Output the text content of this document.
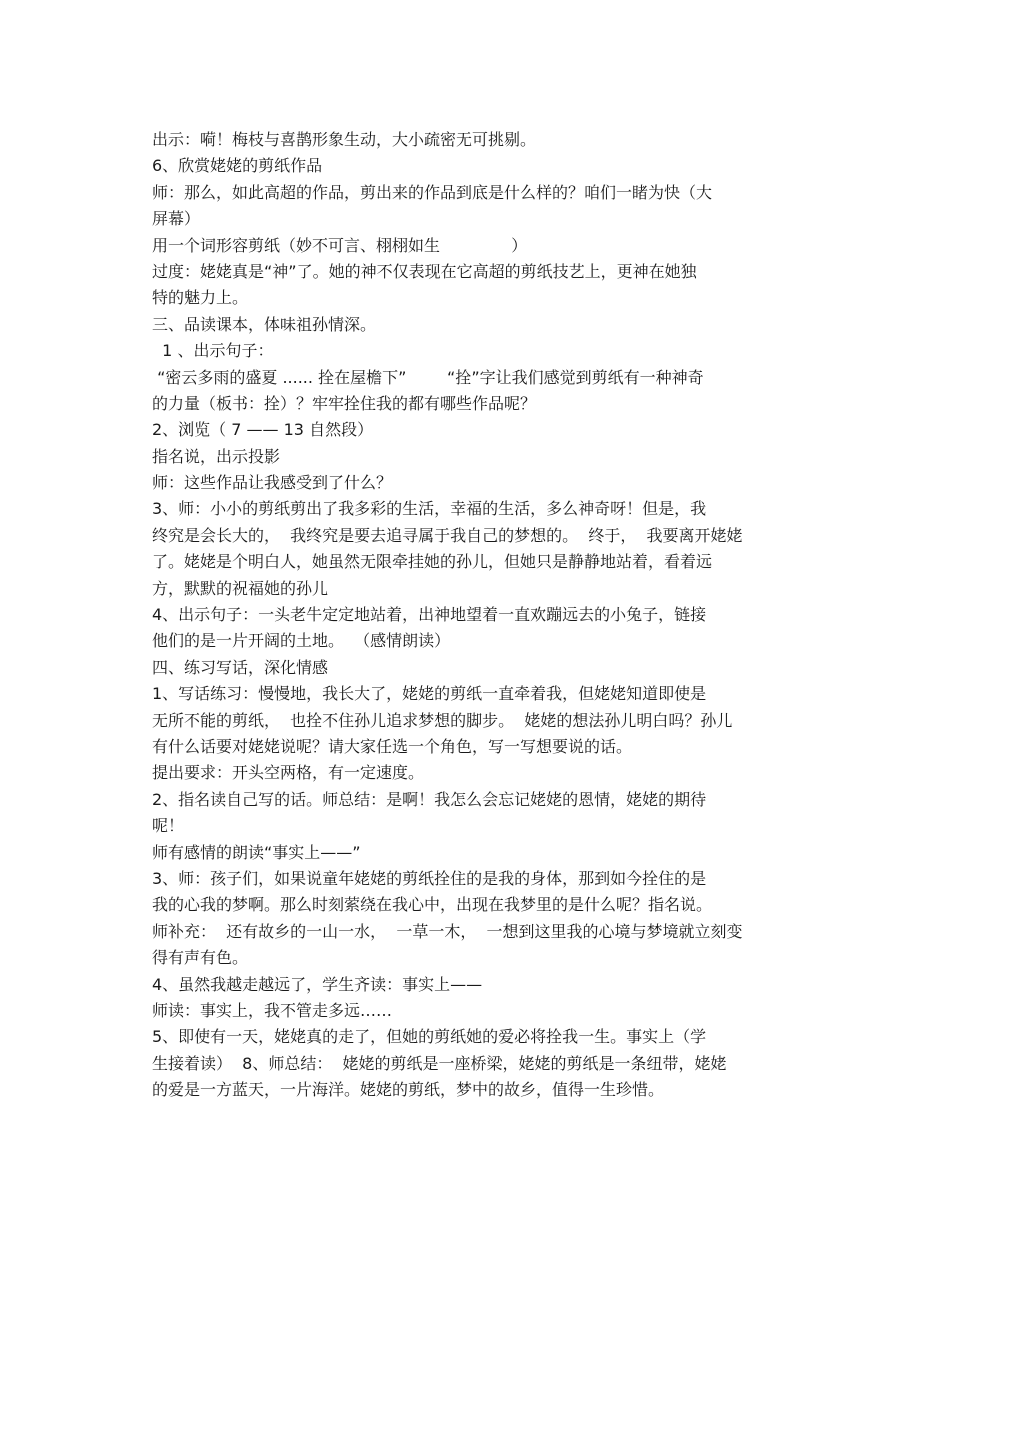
出示：嗬！梅枝与喜鹊形象生动，大小疏密无可挑剔。
6、欣赏姥姥的剪纸作品
师：那么，如此高超的作品，剪出来的作品到底是什么样的？咱们一睹为快（大
屏幕）
用一个词形容剪纸（妙不可言、栩栩如生              ）
过度：姥姥真是“神”了。她的神不仅表现在它高超的剪纸技艺上，更神在她独
特的魅力上。
三、品读课本，体味祖孙情深。
1 、出示句子：
“密云多雨的盛夏 ...... 拴在屋檐下”        “拴”字让我们感觉到剪纸有一种神奇
的力量（板书：拴）？牢牢拴住我的都有哪些作品呢？
2、浏览（ 7 —— 13 自然段）
指名说，出示投影
师：这些作品让我感受到了什么？
3、师：小小的剪纸剪出了我多彩的生活，幸福的生活，多么神奇呀！但是，我
终究是会长大的，  我终究是要去追寻属于我自己的梦想的。  终于，  我要离开姥姥
了。姥姥是个明白人，她虽然无限牵挂她的孙儿，但她只是静静地站着，看着远
方，默默的祝福她的孙儿
4、出示句子：一头老牛定定地站着，出神地望着一直欢蹦远去的小兔子，链接
他们的是一片开阔的土地。  （感情朗读）
四、练习写话，深化情感
1、写话练习：慢慢地，我长大了，姥姥的剪纸一直牵着我，但姥姥知道即使是
无所不能的剪纸，  也拴不住孙儿追求梦想的脚步。  姥姥的想法孙儿明白吗？孙儿
有什么话要对姥姥说呢？请大家任选一个角色，写一写想要说的话。
提出要求：开头空两格，有一定速度。
2、指名读自己写的话。师总结：是啊！我怎么会忘记姥姥的恩情，姥姥的期待
呢！
师有感情的朗读“事实上——”
3、师：孩子们，如果说童年姥姥的剪纸拴住的是我的身体，那到如今拴住的是
我的心我的梦啊。那么时刻萦绕在我心中，出现在我梦里的是什么呢？指名说。
师补充：  还有故乡的一山一水，  一草一木，  一想到这里我的心境与梦境就立刻变
得有声有色。
4、虽然我越走越远了，学生齐读：事实上——
师读：事实上，我不管走多远……
5、即使有一天，姥姥真的走了，但她的剪纸她的爱必将拴我一生。事实上（学
生接着读）  8、师总结：  姥姥的剪纸是一座桥梁，姥姥的剪纸是一条纽带，姥姥
的爱是一方蓝天，一片海洋。姥姥的剪纸，梦中的故乡，值得一生珍惜。
